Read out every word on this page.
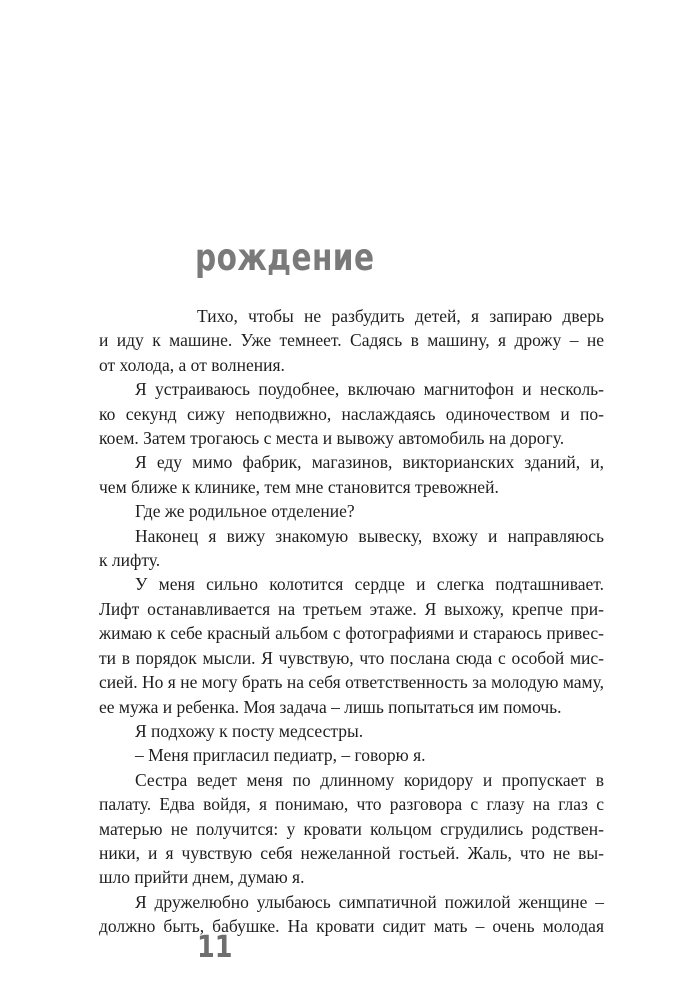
рождение

Тихо, чтобы не разбудить детей, я запираю дверь
и иду к машине. Уже темнеет. Садясь в машину, я дрожу – не
от холода, а от волнения.

Я устраиваюсь поудобнее, включаю магнитофон и несколь-
ко секунд сижу неподвижно, наслаждаясь одиночеством и по-
коем. Затем трогаюсь с места и вывожу автомобиль на дорогу.

Я еду мимо фабрик, магазинов, викторианских зданий, и,
чем ближе к клинике, тем мне становится тревожней.

Где же родильное отделение?

Наконец я вижу знакомую вывеску, вхожу и направляюсь
к лифту.

У меня сильно колотится сердце и слегка подташнивает.
Лифт останавливается на третьем этаже. Я выхожу, крепче при-
жимаю к себе красный альбом с фотографиями и стараюсь привес-
ти в порядок мысли. Я чувствую, что послана сюда с особой мис-
сией. Но я не могу брать на себя ответственность за молодую маму,
ее мужа и ребенка. Моя задача – лишь попытаться им помочь.

Я подхожу к посту медсестры.

– Меня пригласил педиатр, – говорю я.

Сестра ведет меня по длинному коридору и пропускает в
палату. Едва войдя, я понимаю, что разговора с глазу на глаз с
матерью не получится: у кровати кольцом сгрудились родствен-
ники, и я чувствую себя нежеланной гостьей. Жаль, что не вы-
шло прийти днем, думаю я.

Я дружелюбно улыбаюсь симпатичной пожилой женщине –
должно быть, бабушке. На кровати сидит мать – очень молодая

11
